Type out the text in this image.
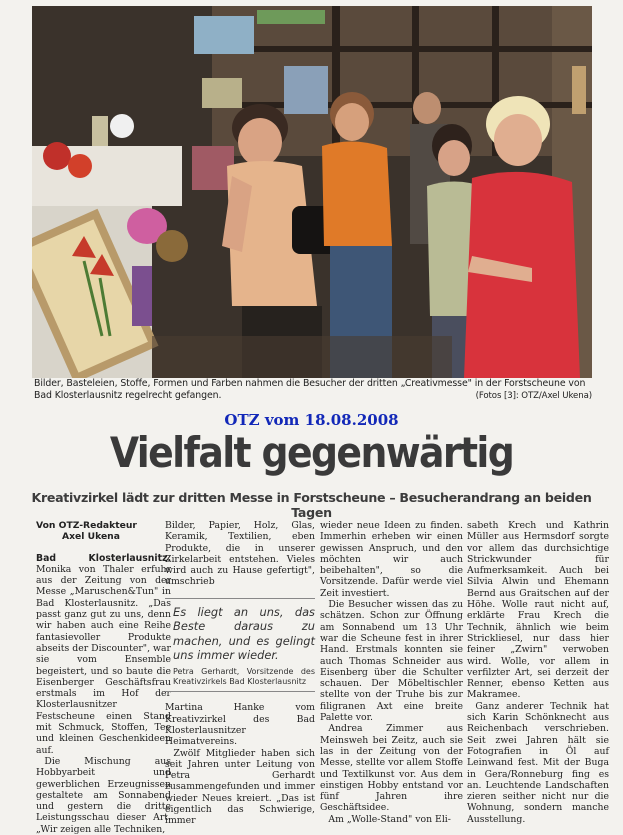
Bilder, Basteleien, Stoffe, Formen und Farben nahmen die Besucher der dritten „Creativmesse" in der Forstscheune von Bad Klosterlausnitz regelrecht gefangen.	(Fotos [3]: OTZ/Axel Ukena)
OTZ vom 18.08.2008
Vielfalt gegenwärtig
Kreativzirkel lädt zur dritten Messe in Forstscheune – Besucherandrang an beiden Tagen
Von OTZ-Redakteur
Axel Ukena

Bad Klosterlausnitz. Monika von Thaler erfuhr aus der Zeitung von der Messe „Maruschen&Tun" in Bad Klosterlausnitz. „Das passt ganz gut zu uns, denn wir haben auch eine Reihe fantasievoller Produkte abseits der Discounter", war sie vom Ensemble begeistert, und so baute die Eisenberger Geschäftsfrau erstmals im Hof der Klosterlausnitzer Festscheune einen Stand mit Schmuck, Stoffen, Tee und kleinen Geschenkideen auf.

Die Mischung aus Hobbyarbeit und gewerblichen Erzeugnissen gestaltete am Sonnabend und gestern die dritte Leistungsschau dieser Art. „Wir zeigen alle Techniken,

Bilder, Papier, Holz, Glas, Keramik, Textilien, eben Produkte, die in unserer Zirkelarbeit entstehen. Vieles wird auch zu Hause gefertigt", umschrieb

Es liegt an uns, das Beste daraus zu machen, und es gelingt uns immer wieder.
Petra Gerhardt, Vorsitzende des Kreativzirkels Bad Klosterlausnitz

Martina Hanke vom Kreativzirkel des Bad Klosterlausnitzer Heimatvereins.

Zwölf Mitglieder haben sich seit Jahren unter Leitung von Petra Gerhardt zusammengefunden und immer wieder Neues kreiert. „Das ist eigentlich das Schwierige, immer

wieder neue Ideen zu finden. Immerhin erheben wir einen gewissen Anspruch, und den möchten wir auch beibehalten", so die Vorsitzende. Dafür werde viel Zeit investiert.

Die Besucher wissen das zu schätzen. Schon zur Öffnung am Sonnabend um 13 Uhr war die Scheune fest in ihrer Hand. Erstmals konnten sie auch Thomas Schneider aus Eisenberg über die Schulter schauen. Der Möbeltischler stellte von der Truhe bis zur filigranen Axt eine breite Palette vor.

Andrea Zimmer aus Meinsweh bei Zeitz, auch sie las in der Zeitung von der Messe, stellte vor allem Stoffe und Textilkunst vor. Aus dem einstigen Hobby entstand vor fünf Jahren ihre Geschäftsidee.

Am „Wolle-Stand" von Eli-

sabeth Krech und Kathrin Müller aus Hermsdorf sorgte vor allem das durchsichtige Strickwunder für Aufmerksamkeit. Auch bei Silvia Alwin und Ehemann Bernd aus Graitschen auf der Höhe. Wolle raut nicht auf, erklärte Frau Krech die Technik, ähnlich wie beim Strickliesel, nur dass hier feiner „Zwirn" verwoben wird. Wolle, vor allem in verfilzter Art, sei derzeit der Renner, ebenso Ketten aus Makramee.

Ganz anderer Technik hat sich Karin Schönknecht aus Reichenbach verschrieben. Seit zwei Jahren hält sie Fotografien in Öl auf Leinwand fest. Mit der Buga in Gera/Ronneburg fing es an. Leuchtende Landschaften zieren seither nicht nur die Wohnung, sondern manche Ausstellung.
